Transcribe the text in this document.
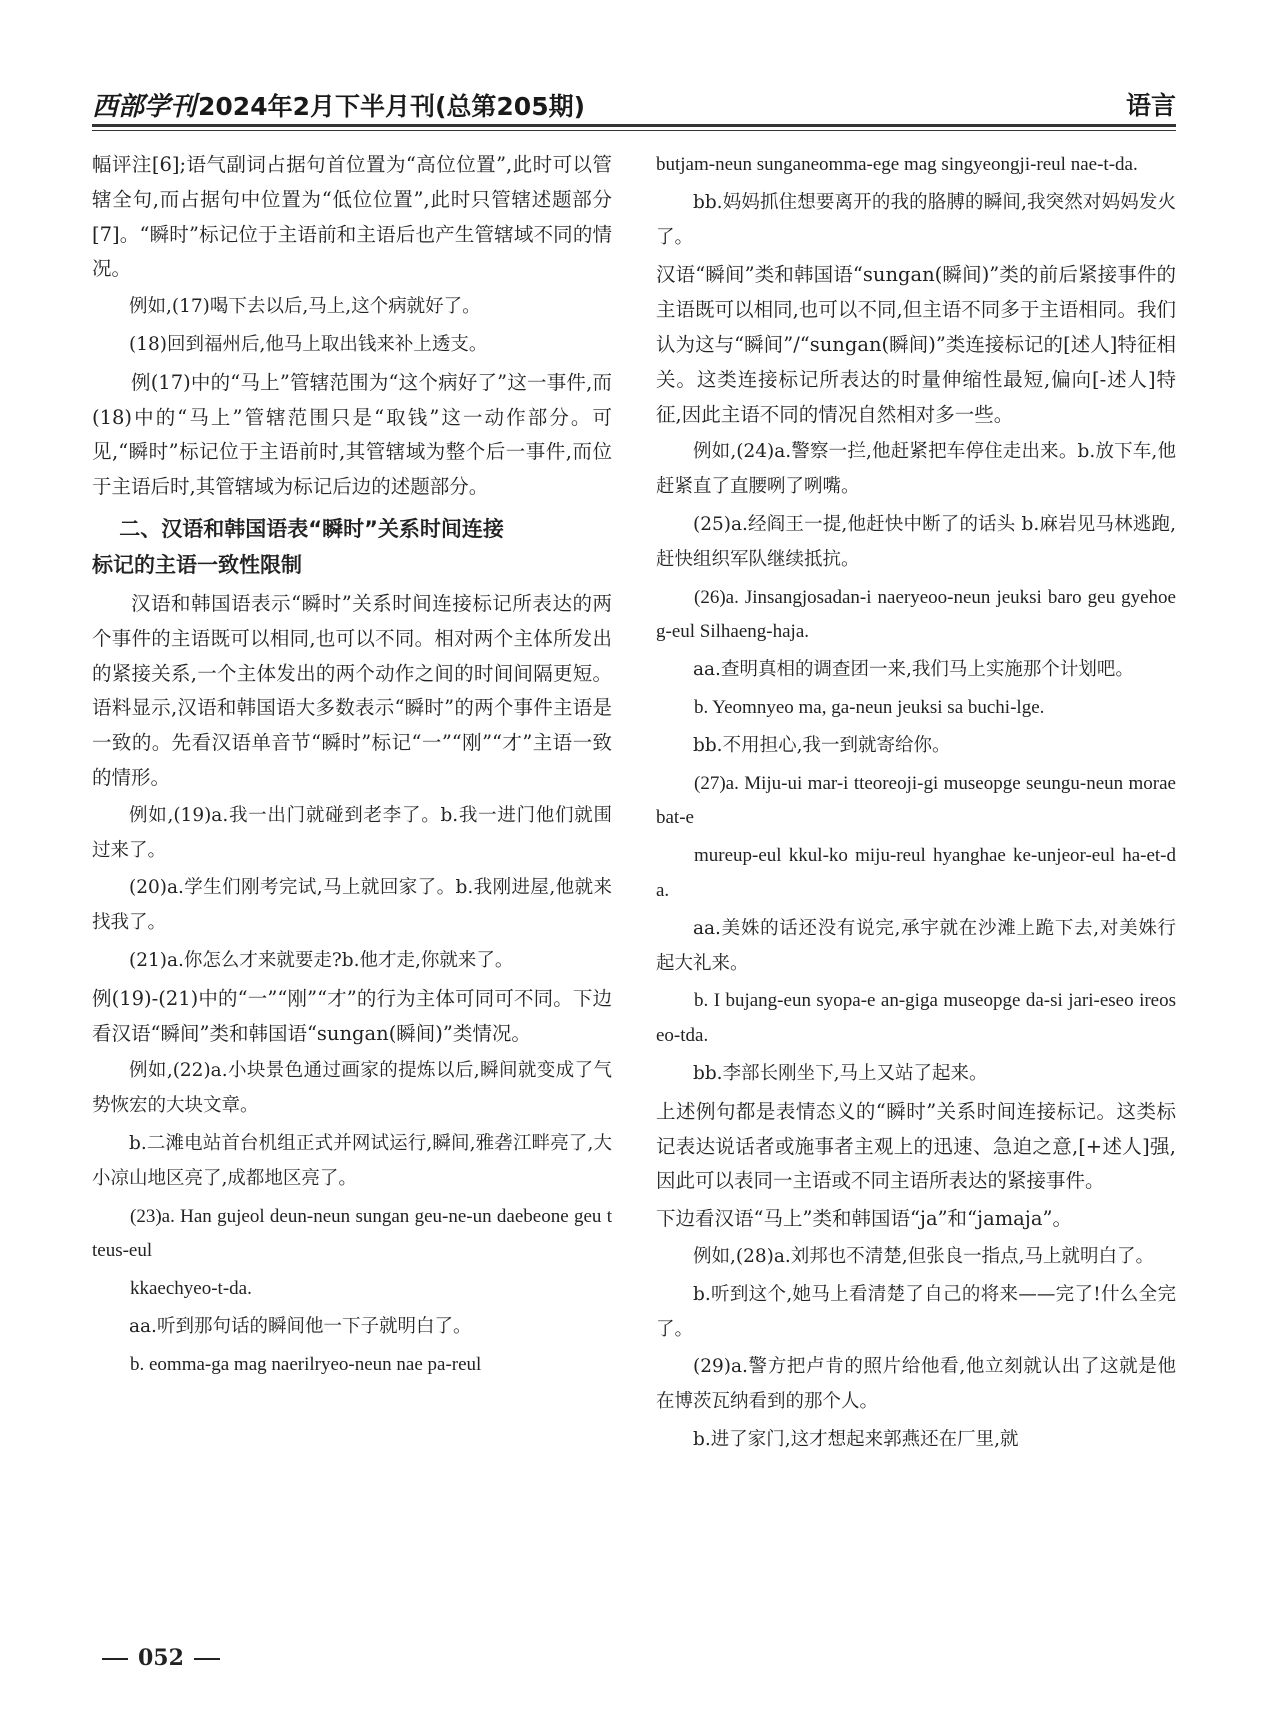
西部学刊2024年2月下半月刊(总第205期)	语言

幅评注[6];语气副词占据句首位置为“高位位置”,此时可以管辖全句,而占据句中位置为“低位位置”,此时只管辖述题部分[7]。“瞬时”标记位于主语前和主语后也产生管辖域不同的情况。

例如,(17)喝下去以后,马上,这个病就好了。

(18)回到福州后,他马上取出钱来补上透支。

例(17)中的“马上”管辖范围为“这个病好了”这一事件,而(18)中的“马上”管辖范围只是“取钱”这一动作部分。可见,“瞬时”标记位于主语前时,其管辖域为整个后一事件,而位于主语后时,其管辖域为标记后边的述题部分。

二、汉语和韩国语表“瞬时”关系时间连接
标记的主语一致性限制

汉语和韩国语表示“瞬时”关系时间连接标记所表达的两个事件的主语既可以相同,也可以不同。相对两个主体所发出的紧接关系,一个主体发出的两个动作之间的时间间隔更短。语料显示,汉语和韩国语大多数表示“瞬时”的两个事件主语是一致的。先看汉语单音节“瞬时”标记“一”“刚”“才”主语一致的情形。

例如,(19)a.我一出门就碰到老李了。b.我一进门他们就围过来了。

(20)a.学生们刚考完试,马上就回家了。b.我刚进屋,他就来找我了。

(21)a.你怎么才来就要走?b.他才走,你就来了。

例(19)-(21)中的“一”“刚”“才”的行为主体可同可不同。下边看汉语“瞬间”类和韩国语“sungan(瞬间)”类情况。

例如,(22)a.小块景色通过画家的提炼以后,瞬间就变成了气势恢宏的大块文章。

b.二滩电站首台机组正式并网试运行,瞬间,雅砻江畔亮了,大小凉山地区亮了,成都地区亮了。

(23)a. Han gujeol deun-neun sungan geu-ne-un daebeone geu tteus-eul

kkaechyeo-t-da.

aa.听到那句话的瞬间他一下子就明白了。

b. eomma-ga mag naerilryeo-neun nae pa-reul

butjam-neun sunganeomma-ege mag singyeongji-reul nae-t-da.

bb.妈妈抓住想要离开的我的胳膊的瞬间,我突然对妈妈发火了。

汉语“瞬间”类和韩国语“sungan(瞬间)”类的前后紧接事件的主语既可以相同,也可以不同,但主语不同多于主语相同。我们认为这与“瞬间”/“sungan(瞬间)”类连接标记的[述人]特征相关。这类连接标记所表达的时量伸缩性最短,偏向[-述人]特征,因此主语不同的情况自然相对多一些。

例如,(24)a.警察一拦,他赶紧把车停住走出来。b.放下车,他赶紧直了直腰咧了咧嘴。

(25)a.经阎王一提,他赶快中断了的话头 b.麻岩见马林逃跑,赶快组织军队继续抵抗。

(26)a. Jinsangjosadan-i naeryeoo-neun jeuksi baro geu gyehoeg-eul Silhaeng-haja.

aa.查明真相的调查团一来,我们马上实施那个计划吧。

b. Yeomnyeo ma, ga-neun jeuksi sa buchi-lge.

bb.不用担心,我一到就寄给你。

(27)a. Miju-ui mar-i tteoreoji-gi museopge seungu-neun moraebat-e

mureup-eul kkul-ko miju-reul hyanghae ke-unjeor-eul ha-et-da.

aa.美姝的话还没有说完,承宇就在沙滩上跪下去,对美姝行起大礼来。

b. I bujang-eun syopa-e an-giga museopge da-si jari-eseo ireoseo-tda.

bb.李部长刚坐下,马上又站了起来。

上述例句都是表情态义的“瞬时”关系时间连接标记。这类标记表达说话者或施事者主观上的迅速、急迫之意,[+述人]强,因此可以表同一主语或不同主语所表达的紧接事件。

下边看汉语“马上”类和韩国语“ja”和“jamaja”。

例如,(28)a.刘邦也不清楚,但张良一指点,马上就明白了。

b.听到这个,她马上看清楚了自己的将来——完了!什么全完了。

(29)a.警方把卢肯的照片给他看,他立刻就认出了这就是他在博茨瓦纳看到的那个人。

b.进了家门,这才想起来郭燕还在厂里,就

052
